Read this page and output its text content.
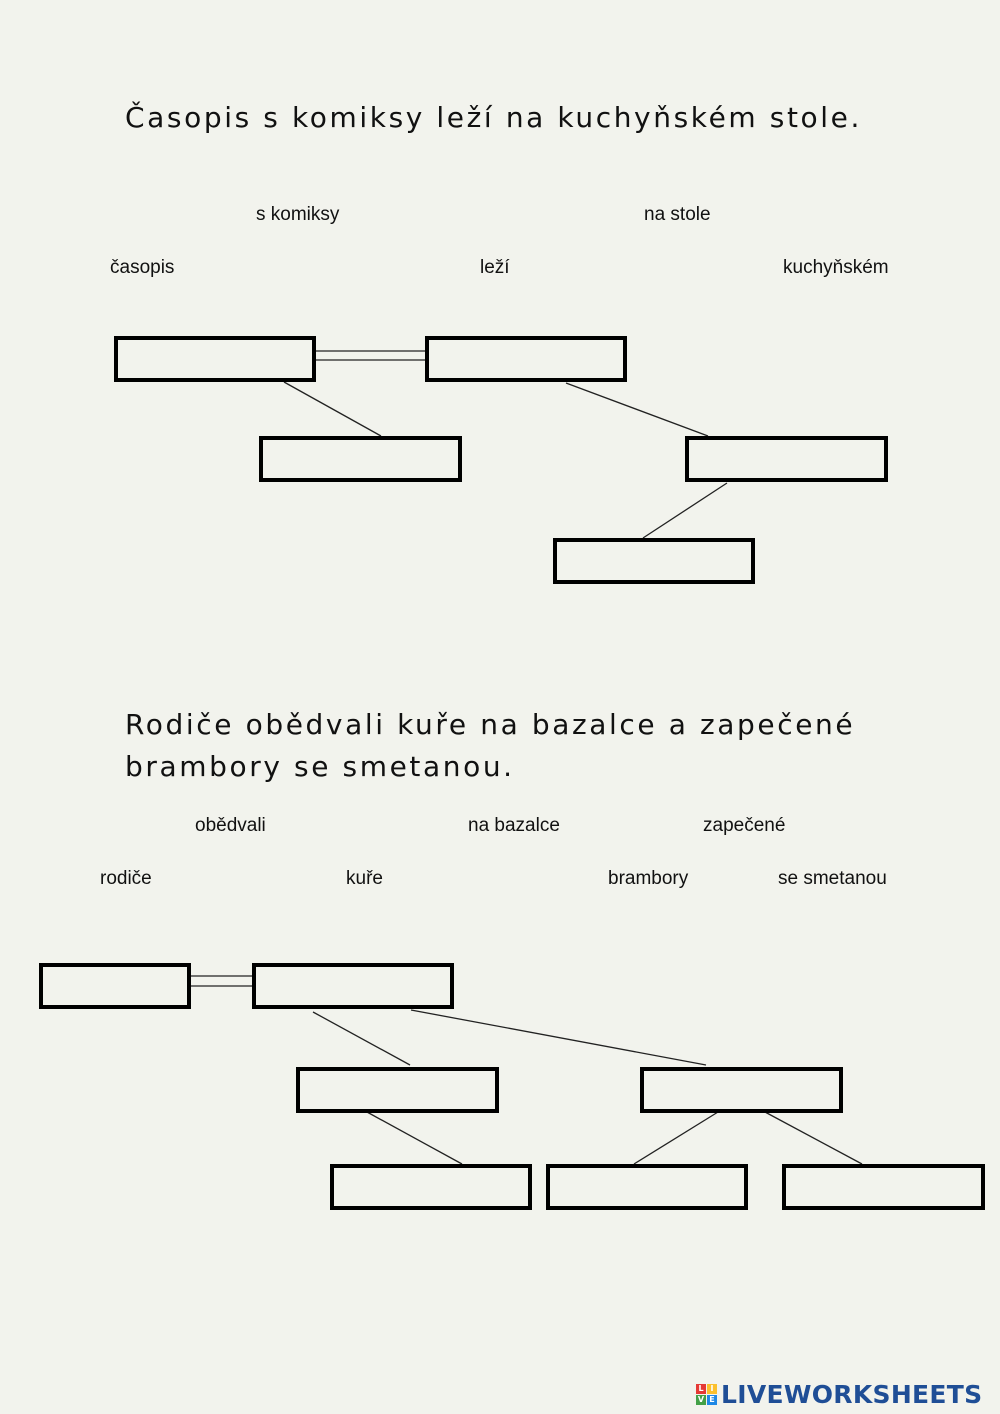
Časopis s komiksy leží na kuchyňském stole.
s komiksy	na stole
časopis	leží	kuchyňském
Rodiče obědvali kuře na bazalce a zapečené
brambory se smetanou.
obědvali	na bazalce	zapečené
rodiče	kuře	brambory	se smetanou
L I
V E LIVEWORKSHEETS
